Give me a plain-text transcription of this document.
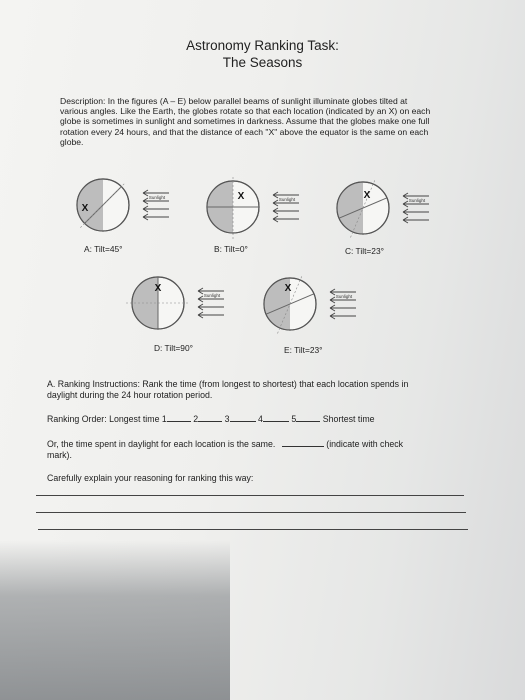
Astronomy Ranking Task:
The Seasons
Description: In the figures (A – E) below parallel beams of sunlight illuminate globes tilted at
various angles. Like the Earth, the globes rotate so that each location (indicated by an X) on each
globe is sometimes in sunlight and sometimes in darkness. Assume that the globes make one full
rotation every 24 hours, and that the distance of each "X" above the equator is the same on each
globe.
X
Sunlight	X	Sunlight	X	Sunlight
X
Sunlight
X
Sunlight
A: Tilt=45°	B: Tilt=0°	C: Tilt=23°
D: Tilt=90°	E: Tilt=23°
A. Ranking Instructions: Rank the time (from longest to shortest) that each location spends in
daylight during the 24 hour rotation period.
Ranking Order: Longest time 1	2	3	4	5	Shortest time
Or, the time spent in daylight for each location is the same.	(indicate with check
mark).
Carefully explain your reasoning for ranking this way:
